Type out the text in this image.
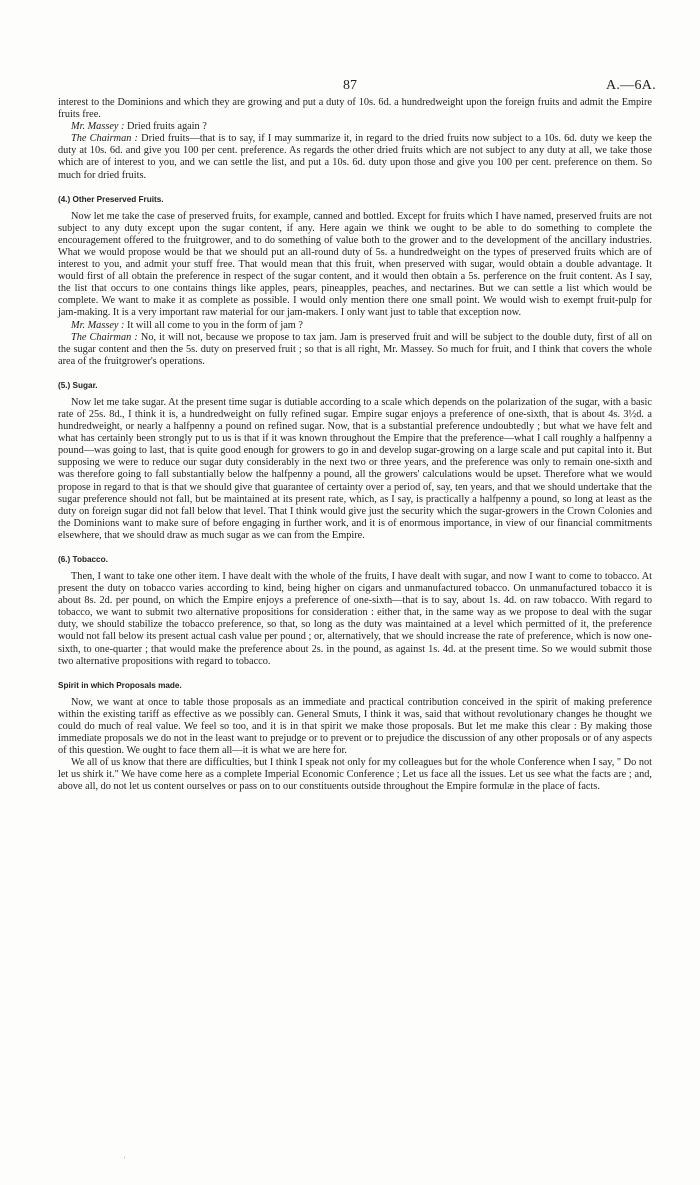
87	A.—6A.

interest to the Dominions and which they are growing and put a duty of 10s. 6d. a hundredweight upon the foreign fruits and admit the Empire fruits free.

Mr. Massey : Dried fruits again ?

The Chairman : Dried fruits—that is to say, if I may summarize it, in regard to the dried fruits now subject to a 10s. 6d. duty we keep the duty at 10s. 6d. and give you 100 per cent. preference. As regards the other dried fruits which are not subject to any duty at all, we take those which are of interest to you, and we can settle the list, and put a 10s. 6d. duty upon those and give you 100 per cent. preference on them. So much for dried fruits.

(4.) Other Preserved Fruits.

Now let me take the case of preserved fruits, for example, canned and bottled. Except for fruits which I have named, preserved fruits are not subject to any duty except upon the sugar content, if any. Here again we think we ought to be able to do something to complete the encouragement offered to the fruitgrower, and to do something of value both to the grower and to the development of the ancillary industries. What we would propose would be that we should put an all-round duty of 5s. a hundredweight on the types of preserved fruits which are of interest to you, and admit your stuff free. That would mean that this fruit, when preserved with sugar, would obtain a double advantage. It would first of all obtain the preference in respect of the sugar content, and it would then obtain a 5s. perference on the fruit content. As I say, the list that occurs to one contains things like apples, pears, pineapples, peaches, and nectarines. But we can settle a list which would be complete. We want to make it as complete as possible. I would only mention there one small point. We would wish to exempt fruit-pulp for jam-making. It is a very important raw material for our jam-makers. I only want just to table that exception now.

Mr. Massey : It will all come to you in the form of jam ?

The Chairman : No, it will not, because we propose to tax jam. Jam is preserved fruit and will be subject to the double duty, first of all on the sugar content and then the 5s. duty on preserved fruit ; so that is all right, Mr. Massey. So much for fruit, and I think that covers the whole area of the fruitgrower's operations.

(5.) Sugar.

Now let me take sugar. At the present time sugar is dutiable according to a scale which depends on the polarization of the sugar, with a basic rate of 25s. 8d., I think it is, a hundredweight on fully refined sugar. Empire sugar enjoys a preference of one-sixth, that is about 4s. 3½d. a hundredweight, or nearly a halfpenny a pound on refined sugar. Now, that is a substantial preference undoubtedly ; but what we have felt and what has certainly been strongly put to us is that if it was known throughout the Empire that the preference—what I call roughly a halfpenny a pound—was going to last, that is quite good enough for growers to go in and develop sugar-growing on a large scale and put capital into it. But supposing we were to reduce our sugar duty considerably in the next two or three years, and the preference was only to remain one-sixth and was therefore going to fall substantially below the halfpenny a pound, all the growers' calculations would be upset. Therefore what we would propose in regard to that is that we should give that guarantee of certainty over a period of, say, ten years, and that we should undertake that the sugar preference should not fall, but be maintained at its present rate, which, as I say, is practically a halfpenny a pound, so long at least as the duty on foreign sugar did not fall below that level. That I think would give just the security which the sugar-growers in the Crown Colonies and the Dominions want to make sure of before engaging in further work, and it is of enormous importance, in view of our financial commitments elsewhere, that we should draw as much sugar as we can from the Empire.

(6.) Tobacco.

Then, I want to take one other item. I have dealt with the whole of the fruits, I have dealt with sugar, and now I want to come to tobacco. At present the duty on tobacco varies according to kind, being higher on cigars and unmanufactured tobacco. On unmanufactured tobacco it is about 8s. 2d. per pound, on which the Empire enjoys a preference of one-sixth—that is to say, about 1s. 4d. on raw tobacco. With regard to tobacco, we want to submit two alternative propositions for consideration : either that, in the same way as we propose to deal with the sugar duty, we should stabilize the tobacco preference, so that, so long as the duty was maintained at a level which permitted of it, the preference would not fall below its present actual cash value per pound ; or, alternatively, that we should increase the rate of preference, which is now one-sixth, to one-quarter ; that would make the preference about 2s. in the pound, as against 1s. 4d. at the present time. So we would submit those two alternative propositions with regard to tobacco.

Spirit in which Proposals made.

Now, we want at once to table those proposals as an immediate and practical contribution conceived in the spirit of making preference within the existing tariff as effective as we possibly can. General Smuts, I think it was, said that without revolutionary changes he thought we could do much of real value. We feel so too, and it is in that spirit we make those proposals. But let me make this clear : By making those immediate proposals we do not in the least want to prejudge or to prevent or to prejudice the discussion of any other proposals or of any aspects of this question. We ought to face them all—it is what we are here for.

We all of us know that there are difficulties, but I think I speak not only for my colleagues but for the whole Conference when I say, " Do not let us shirk it." We have come here as a complete Imperial Economic Conference ; Let us face all the issues. Let us see what the facts are ; and, above all, do not let us content ourselves or pass on to our constituents outside throughout the Empire formulæ in the place of facts.

'
